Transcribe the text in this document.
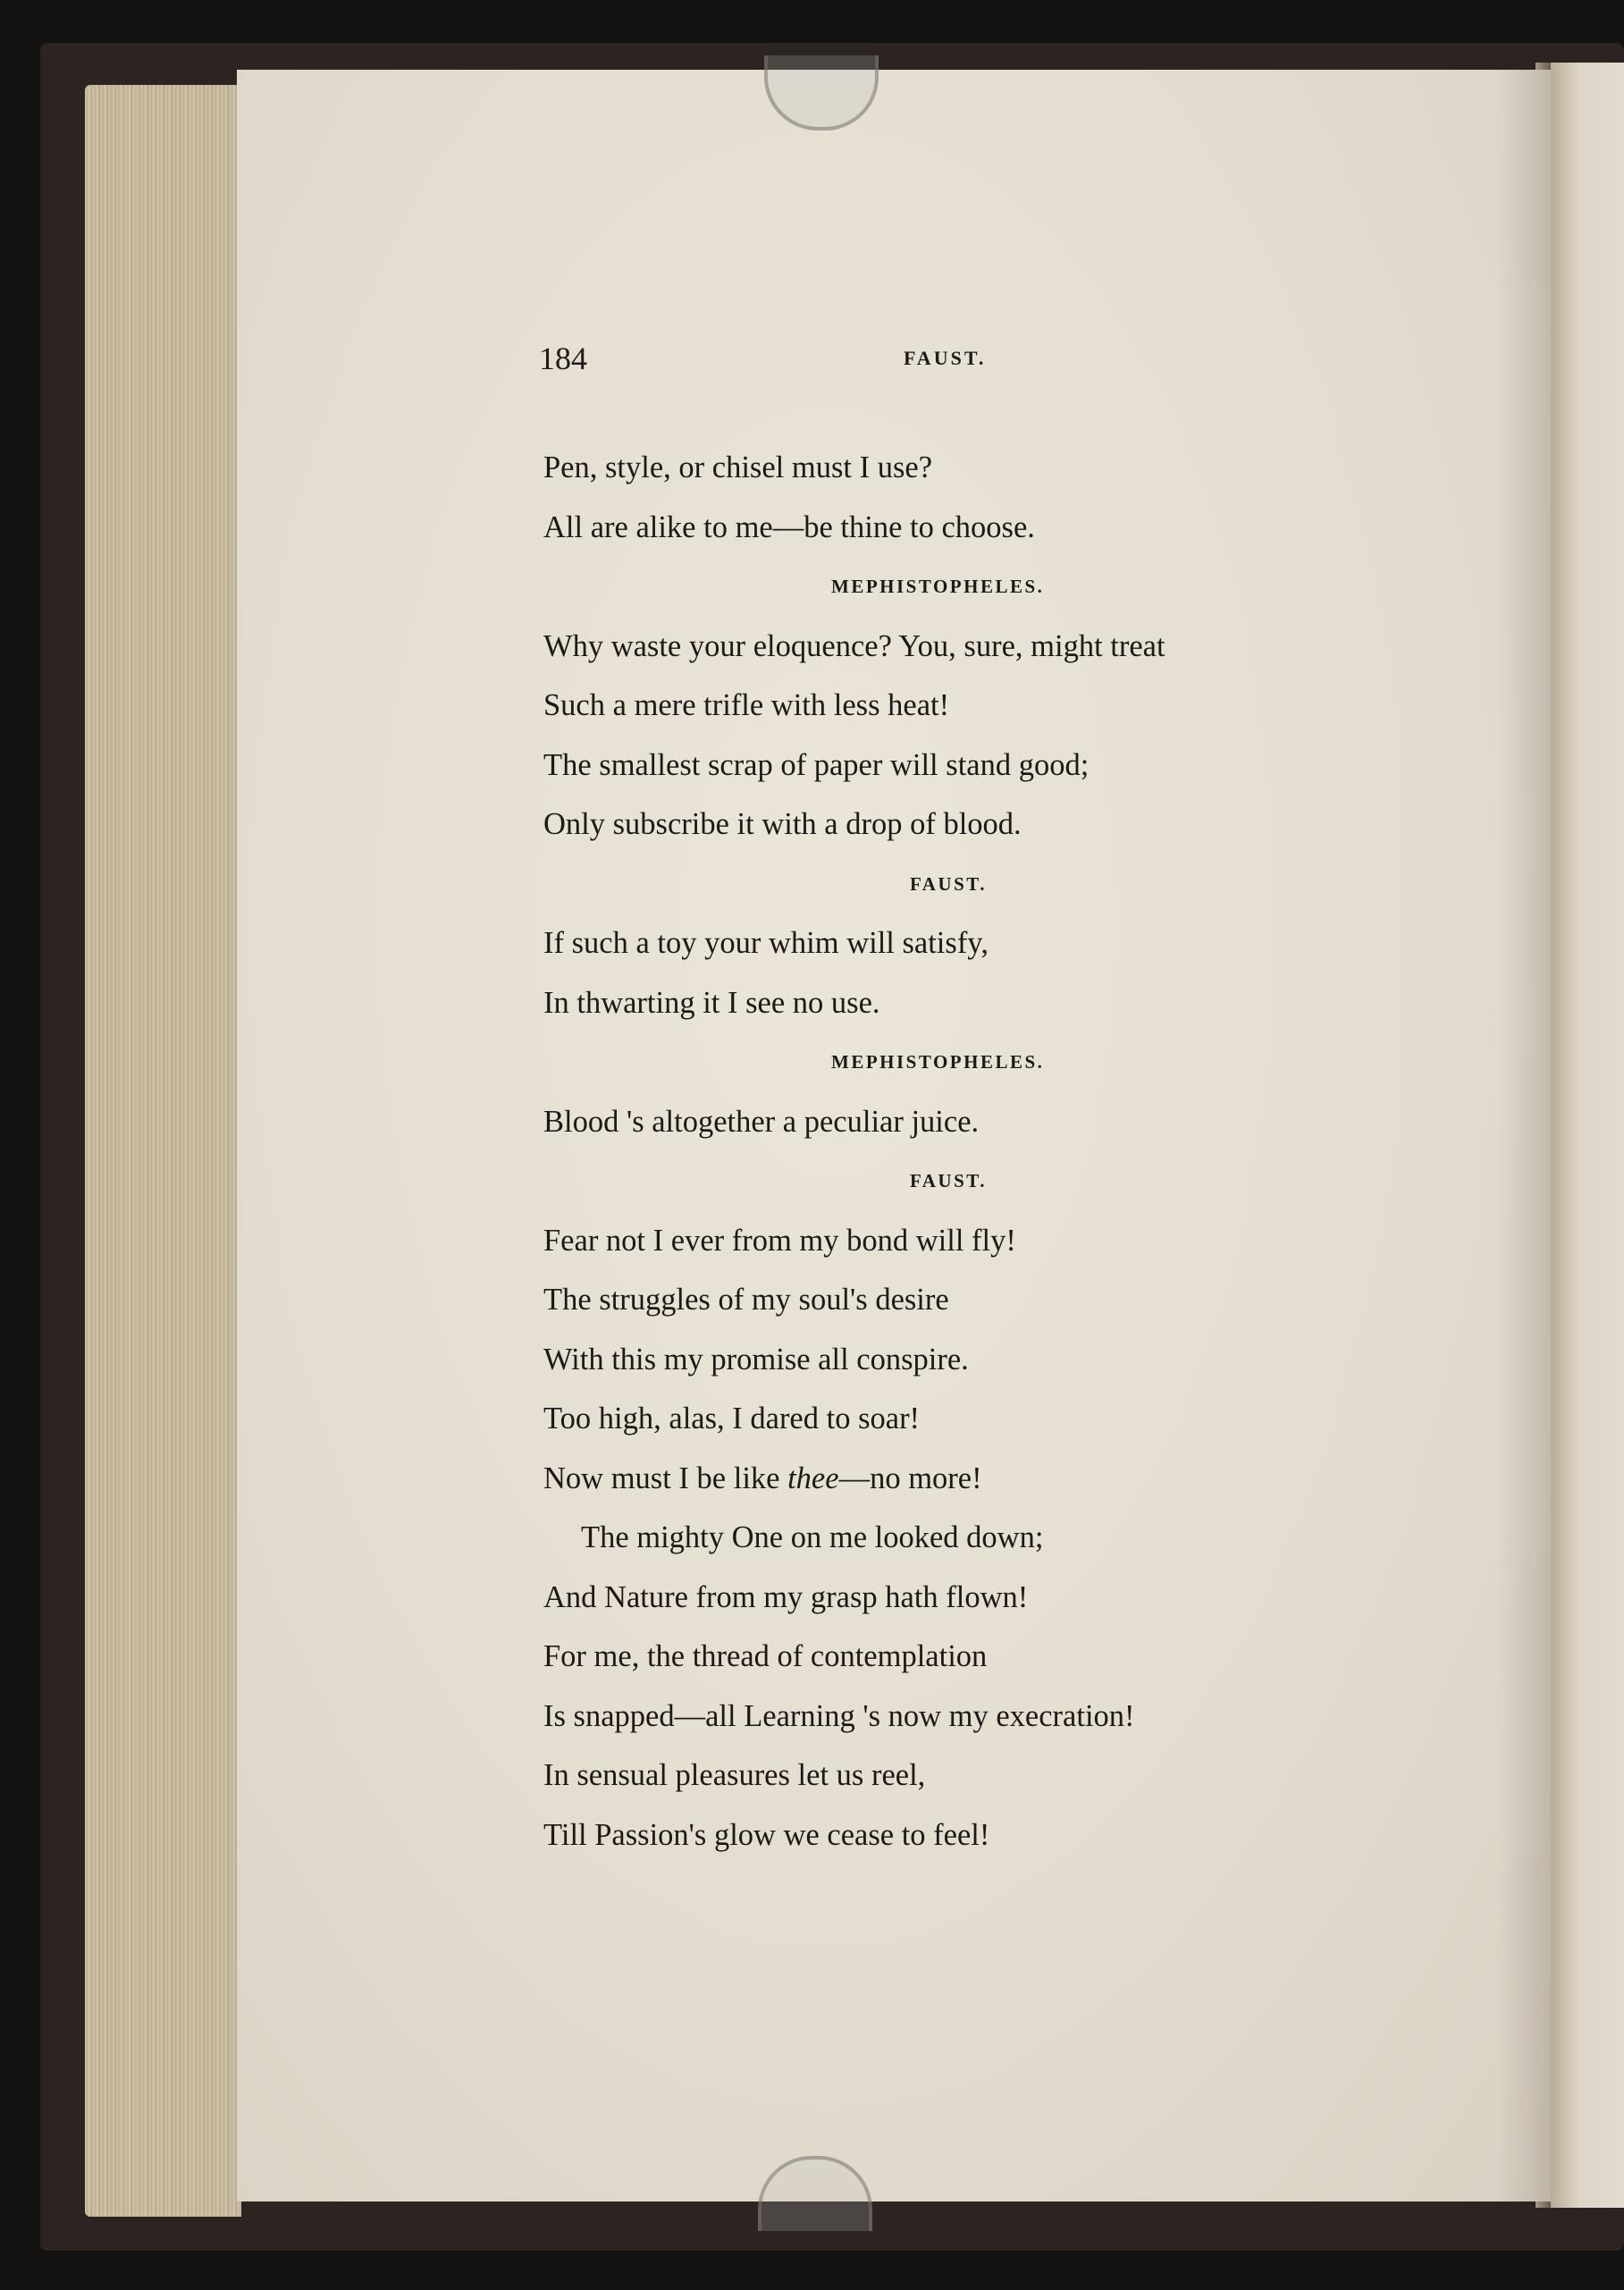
184	FAUST.
Pen, style, or chisel must I use?
All are alike to me—be thine to choose.
MEPHISTOPHELES.
Why waste your eloquence? You, sure, might treat
Such a mere trifle with less heat!
The smallest scrap of paper will stand good;
Only subscribe it with a drop of blood.
FAUST.
If such a toy your whim will satisfy,
In thwarting it I see no use.
MEPHISTOPHELES.
Blood 's altogether a peculiar juice.
FAUST.
Fear not I ever from my bond will fly!
The struggles of my soul's desire
With this my promise all conspire.
Too high, alas, I dared to soar!
Now must I be like thee—no more!
The mighty One on me looked down;
And Nature from my grasp hath flown!
For me, the thread of contemplation
Is snapped—all Learning 's now my execration!
In sensual pleasures let us reel,
Till Passion's glow we cease to feel!
